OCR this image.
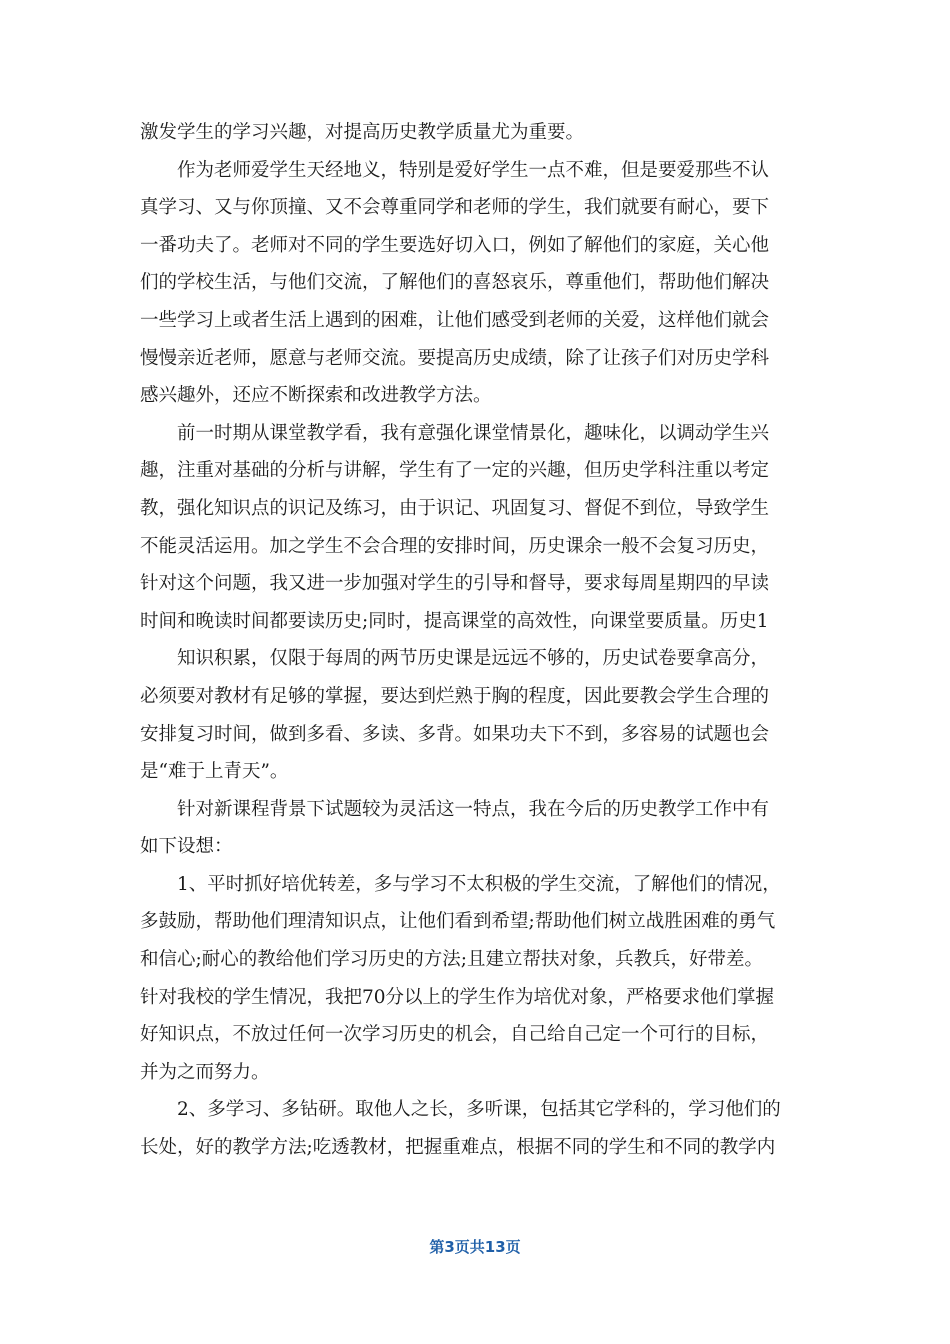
激发学生的学习兴趣，对提高历史教学质量尤为重要。
作为老师爱学生天经地义，特别是爱好学生一点不难，但是要爱那些不认
真学习、又与你顶撞、又不会尊重同学和老师的学生，我们就要有耐心，要下
一番功夫了。老师对不同的学生要选好切入口，例如了解他们的家庭，关心他
们的学校生活，与他们交流，了解他们的喜怒哀乐，尊重他们，帮助他们解决
一些学习上或者生活上遇到的困难，让他们感受到老师的关爱，这样他们就会
慢慢亲近老师，愿意与老师交流。要提高历史成绩，除了让孩子们对历史学科
感兴趣外，还应不断探索和改进教学方法。
前一时期从课堂教学看，我有意强化课堂情景化，趣味化，以调动学生兴
趣，注重对基础的分析与讲解，学生有了一定的兴趣，但历史学科注重以考定
教，强化知识点的识记及练习，由于识记、巩固复习、督促不到位，导致学生
不能灵活运用。加之学生不会合理的安排时间，历史课余一般不会复习历史，
针对这个问题，我又进一步加强对学生的引导和督导，要求每周星期四的早读
时间和晚读时间都要读历史;同时，提高课堂的高效性，向课堂要质量。历史1
知识积累，仅限于每周的两节历史课是远远不够的，历史试卷要拿高分，
必须要对教材有足够的掌握，要达到烂熟于胸的程度，因此要教会学生合理的
安排复习时间，做到多看、多读、多背。如果功夫下不到，多容易的试题也会
是“难于上青天”。
针对新课程背景下试题较为灵活这一特点，我在今后的历史教学工作中有
如下设想：
1、平时抓好培优转差，多与学习不太积极的学生交流，了解他们的情况，
多鼓励，帮助他们理清知识点，让他们看到希望;帮助他们树立战胜困难的勇气
和信心;耐心的教给他们学习历史的方法;且建立帮扶对象，兵教兵，好带差。
针对我校的学生情况，我把70分以上的学生作为培优对象，严格要求他们掌握
好知识点，不放过任何一次学习历史的机会，自己给自己定一个可行的目标，
并为之而努力。
2、多学习、多钻研。取他人之长，多听课，包括其它学科的，学习他们的
长处，好的教学方法;吃透教材，把握重难点，根据不同的学生和不同的教学内
第3页共13页
